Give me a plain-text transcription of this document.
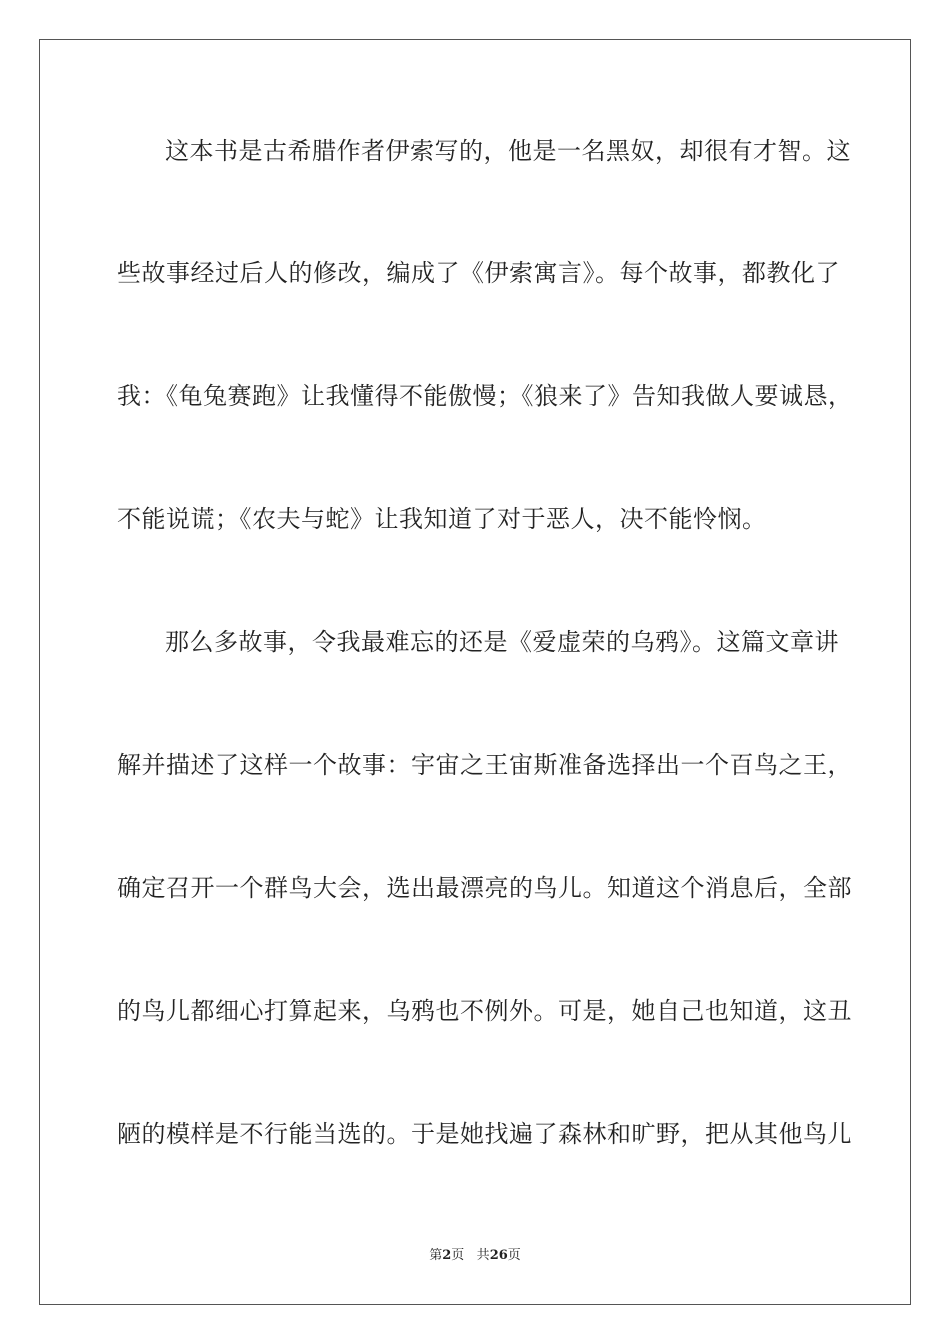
这本书是古希腊作者伊索写的，他是一名黑奴，却很有才智。这
些故事经过后人的修改，编成了《伊索寓言》。每个故事，都教化了
我：《龟兔赛跑》让我懂得不能傲慢；《狼来了》告知我做人要诚恳，
不能说谎；《农夫与蛇》让我知道了对于恶人，决不能怜悯。
那么多故事，令我最难忘的还是《爱虚荣的乌鸦》。这篇文章讲
解并描述了这样一个故事：宇宙之王宙斯准备选择出一个百鸟之王，
确定召开一个群鸟大会，选出最漂亮的鸟儿。知道这个消息后，全部
的鸟儿都细心打算起来，乌鸦也不例外。可是，她自己也知道，这丑
陋的模样是不行能当选的。于是她找遍了森林和旷野，把从其他鸟儿
第2页 共26页
